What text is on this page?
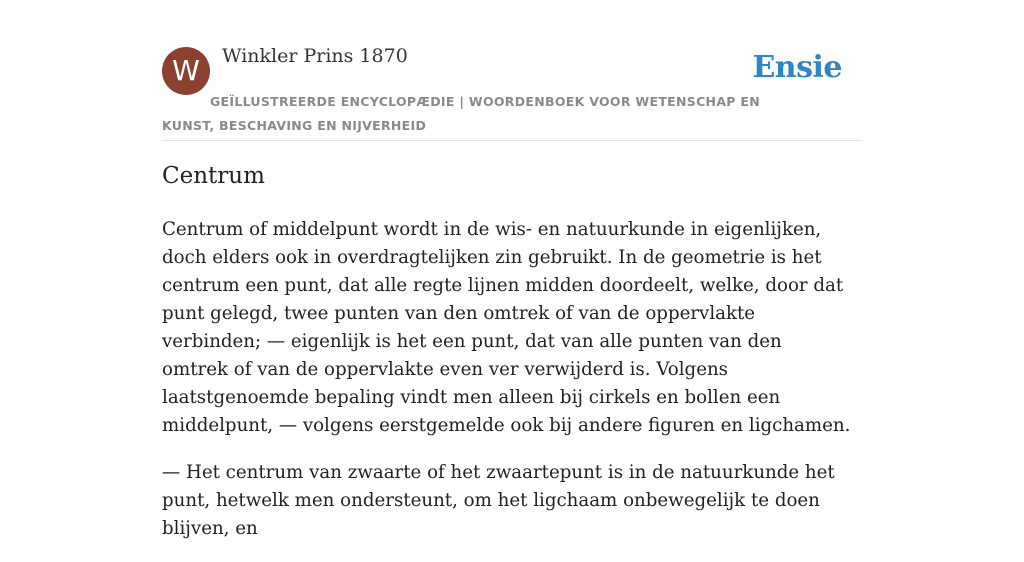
W	Winkler Prins 1870	Ensie
GEÏLLUSTREERDE ENCYCLOPÆDIE | WOORDENBOEK VOOR WETENSCHAP EN KUNST, BESCHAVING EN NIJVERHEID
Centrum

Centrum of middelpunt wordt in de wis- en natuurkunde in eigenlijken, doch elders ook in overdragtelijken zin gebruikt. In de geometrie is het centrum een punt, dat alle regte lijnen midden doordeelt, welke, door dat punt gelegd, twee punten van den omtrek of van de oppervlakte verbinden; — eigenlijk is het een punt, dat van alle punten van den omtrek of van de oppervlakte even ver verwijderd is. Volgens laatstgenoemde bepaling vindt men alleen bij cirkels en bollen een middelpunt, — volgens eerstgemelde ook bij andere figuren en ligchamen.

— Het centrum van zwaarte of het zwaartepunt is in de natuurkunde het punt, hetwelk men ondersteunt, om het ligchaam onbewegelijk te doen blijven, en
